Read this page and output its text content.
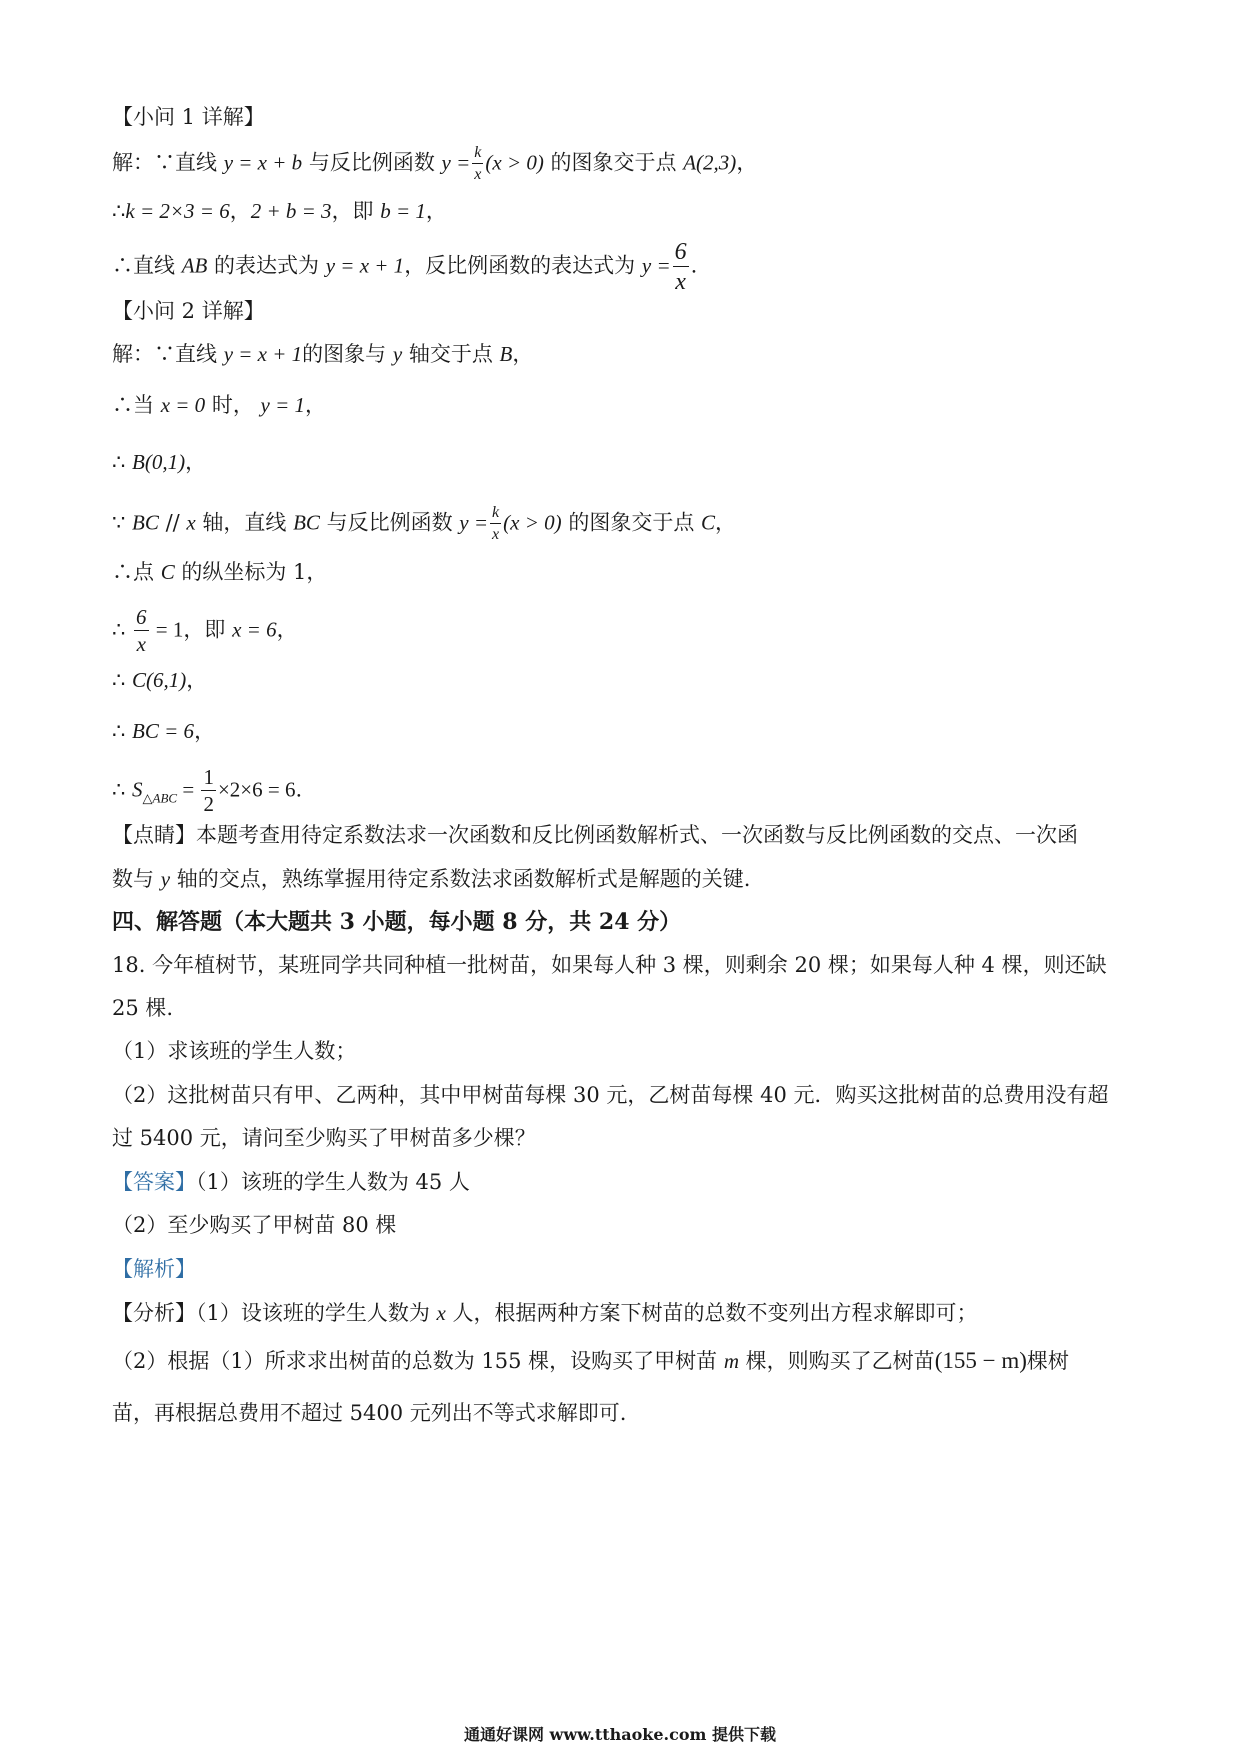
【小问 1 详解】
解：∵直线 y = x + b 与反比例函数 $y = \frac{k}{x} (x > 0)$ 的图象交于点 A(2,3)，
∴k = 2×3 = 6，2 + b = 3，即 b = 1，
∴直线 AB 的表达式为 y = x + 1，反比例函数的表达式为 $y = \frac{6}{x}$ .
【小问 2 详解】
解：∵直线 y = x + 1的图象与 y 轴交于点 B，
∴当 x = 0 时， y = 1，
∴ B(0,1)，
∵ BC // x 轴，直线 BC 与反比例函数 $y = \frac{k}{x} (x > 0)$ 的图象交于点 C，
∴点 C 的纵坐标为 1，
∴ $\frac{6}{x} = 1$，即 x = 6，
∴ C(6,1)，
∴ BC = 6，
∴ $S_{\triangle ABC} = \frac{1}{2} \times 2\times 6 = 6$.
【点睛】本题考查用待定系数法求一次函数和反比例函数解析式、一次函数与反比例函数的交点、一次函
数与 y 轴的交点，熟练掌握用待定系数法求函数解析式是解题的关键.
四、解答题（本大题共 3 小题，每小题 8 分，共 24 分）
18. 今年植树节，某班同学共同种植一批树苗，如果每人种 3 棵，则剩余 20 棵；如果每人种 4 棵，则还缺
25 棵.
（1）求该班的学生人数；
（2）这批树苗只有甲、乙两种，其中甲树苗每棵 30 元，乙树苗每棵 40 元．购买这批树苗的总费用没有超
过 5400 元，请问至少购买了甲树苗多少棵？
【答案】（1）该班的学生人数为 45 人
（2）至少购买了甲树苗 80 棵
【解析】
【分析】（1）设该班的学生人数为 x 人，根据两种方案下树苗的总数不变列出方程求解即可；
（2）根据（1）所求求出树苗的总数为 155 棵，设购买了甲树苗 m 棵，则购买了乙树苗(155 − m)棵树
苗，再根据总费用不超过 5400 元列出不等式求解即可.
通通好课网 www.tthaoke.com 提供下载
